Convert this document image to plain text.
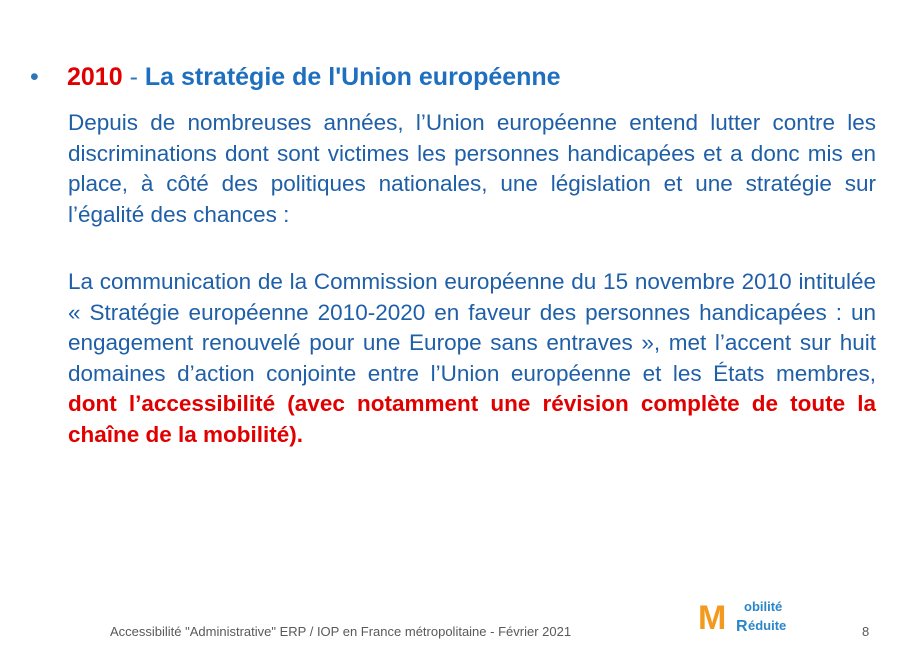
• 2010 - La stratégie de l'Union européenne
Depuis de nombreuses années, l’Union européenne entend lutter contre les discriminations dont sont victimes les personnes handicapées et a donc mis en place, à côté des politiques nationales, une législation et une stratégie sur l’égalité des chances :
La communication de la Commission européenne du 15 novembre 2010 intitulée « Stratégie européenne 2010-2020 en faveur des personnes handicapées : un engagement renouvelé pour une Europe sans entraves », met l’accent sur huit domaines d’action conjointe entre l’Union européenne et les États membres, dont l’accessibilité (avec notamment une révision complète de toute la chaîne de la mobilité).
Accessibilité "Administrative" ERP / IOP en France métropolitaine - Février 2021	M obilité
R éduite	8
